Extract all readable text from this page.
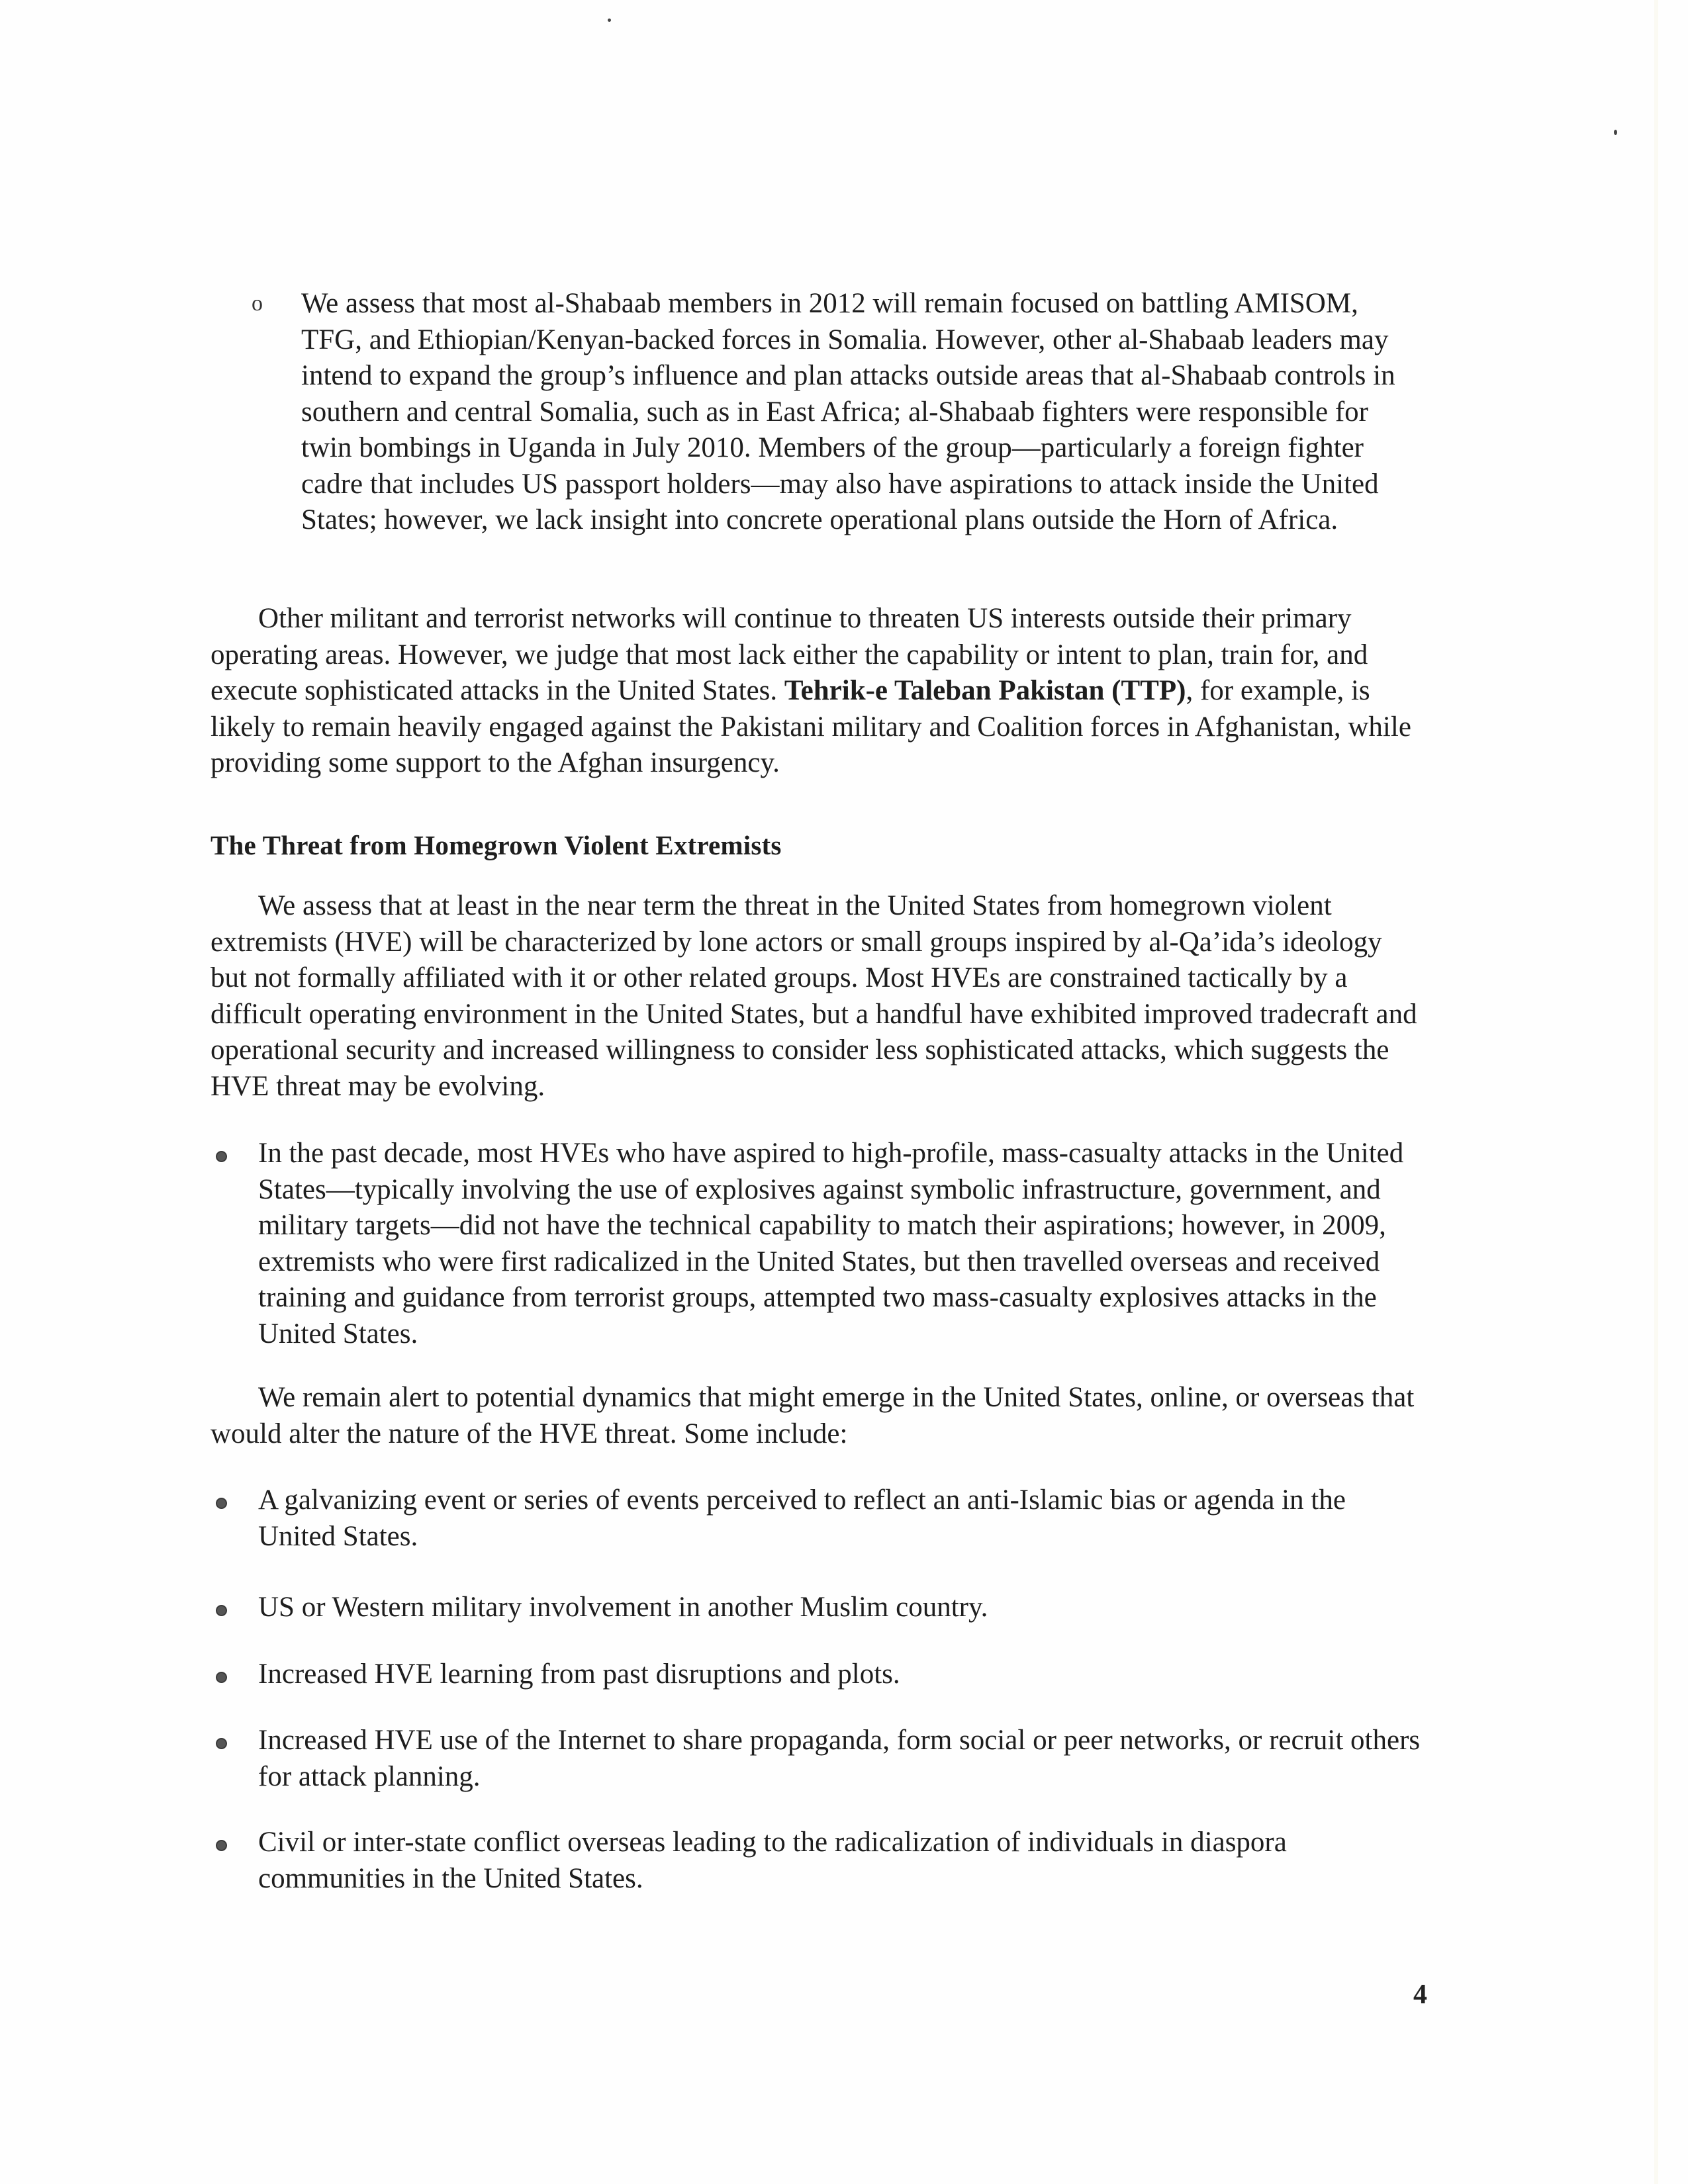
o We assess that most al-Shabaab members in 2012 will remain focused on battling AMISOM, TFG, and Ethiopian/Kenyan-backed forces in Somalia. However, other al-Shabaab leaders may intend to expand the group’s influence and plan attacks outside areas that al-Shabaab controls in southern and central Somalia, such as in East Africa; al-Shabaab fighters were responsible for twin bombings in Uganda in July 2010. Members of the group—particularly a foreign fighter cadre that includes US passport holders—may also have aspirations to attack inside the United States; however, we lack insight into concrete operational plans outside the Horn of Africa.
Other militant and terrorist networks will continue to threaten US interests outside their primary operating areas. However, we judge that most lack either the capability or intent to plan, train for, and execute sophisticated attacks in the United States. Tehrik-e Taleban Pakistan (TTP), for example, is likely to remain heavily engaged against the Pakistani military and Coalition forces in Afghanistan, while providing some support to the Afghan insurgency.
The Threat from Homegrown Violent Extremists
We assess that at least in the near term the threat in the United States from homegrown violent extremists (HVE) will be characterized by lone actors or small groups inspired by al-Qa’ida’s ideology but not formally affiliated with it or other related groups. Most HVEs are constrained tactically by a difficult operating environment in the United States, but a handful have exhibited improved tradecraft and operational security and increased willingness to consider less sophisticated attacks, which suggests the HVE threat may be evolving.
In the past decade, most HVEs who have aspired to high-profile, mass-casualty attacks in the United States—typically involving the use of explosives against symbolic infrastructure, government, and military targets—did not have the technical capability to match their aspirations; however, in 2009, extremists who were first radicalized in the United States, but then travelled overseas and received training and guidance from terrorist groups, attempted two mass-casualty explosives attacks in the United States.
We remain alert to potential dynamics that might emerge in the United States, online, or overseas that would alter the nature of the HVE threat. Some include:
A galvanizing event or series of events perceived to reflect an anti-Islamic bias or agenda in the United States.
US or Western military involvement in another Muslim country.
Increased HVE learning from past disruptions and plots.
Increased HVE use of the Internet to share propaganda, form social or peer networks, or recruit others for attack planning.
Civil or inter-state conflict overseas leading to the radicalization of individuals in diaspora communities in the United States.
4
